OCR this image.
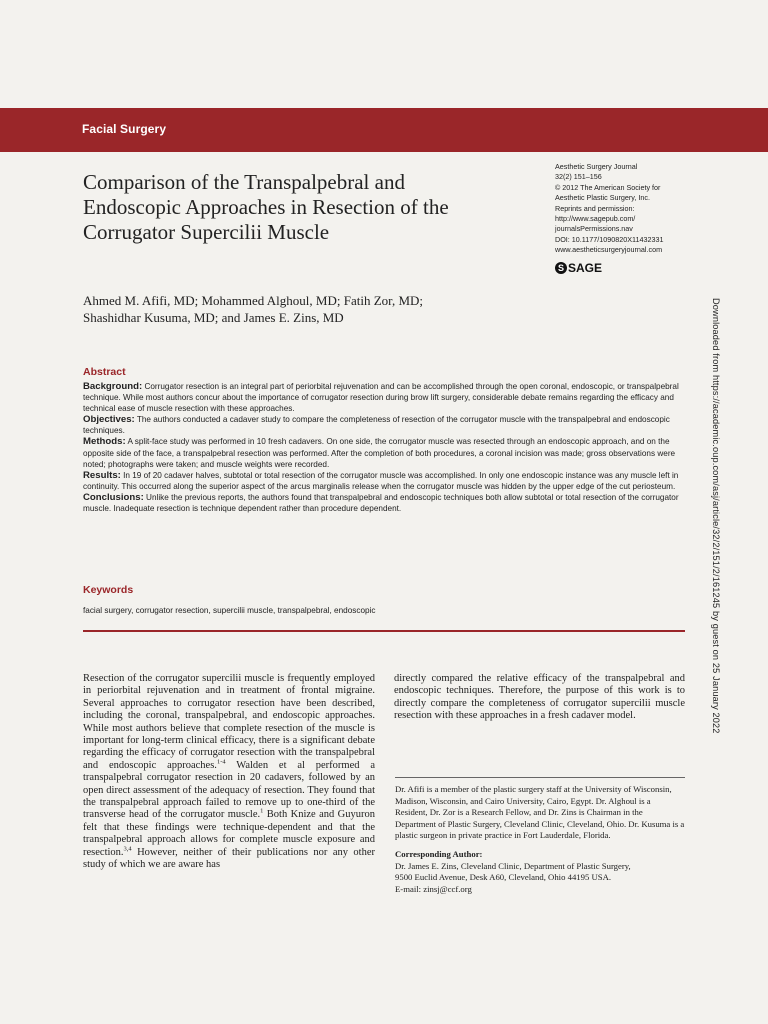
Facial Surgery
Comparison of the Transpalpebral and
Endoscopic Approaches in Resection of the
Corrugator Supercilii Muscle
Aesthetic Surgery Journal
32(2) 151–156
© 2012 The American Society for
Aesthetic Plastic Surgery, Inc.
Reprints and permission:
http://www.sagepub.com/
journalsPermissions.nav
DOI: 10.1177/1090820X11432331
www.aestheticsurgeryjournal.com
S SAGE
Ahmed M. Afifi, MD; Mohammed Alghoul, MD; Fatih Zor, MD;
Shashidhar Kusuma, MD; and James E. Zins, MD
Abstract

Background: Corrugator resection is an integral part of periorbital rejuvenation and can be accomplished through the open coronal, endoscopic, or transpalpebral technique. While most authors concur about the importance of corrugator resection during brow lift surgery, considerable debate remains regarding the efficacy and technical ease of muscle resection with these approaches.

Objectives: The authors conducted a cadaver study to compare the completeness of resection of the corrugator muscle with the transpalpebral and endoscopic techniques.

Methods: A split-face study was performed in 10 fresh cadavers. On one side, the corrugator muscle was resected through an endoscopic approach, and on the opposite side of the face, a transpalpebral resection was performed. After the completion of both procedures, a coronal incision was made; gross observations were noted; photographs were taken; and muscle weights were recorded.

Results: In 19 of 20 cadaver halves, subtotal or total resection of the corrugator muscle was accomplished. In only one endoscopic instance was any muscle left in continuity. This occurred along the superior aspect of the arcus marginalis release when the corrugator muscle was hidden by the upper edge of the cut periosteum.

Conclusions: Unlike the previous reports, the authors found that transpalpebral and endoscopic techniques both allow subtotal or total resection of the corrugator muscle. Inadequate resection is technique dependent rather than procedure dependent.

Keywords
facial surgery, corrugator resection, supercilii muscle, transpalpebral, endoscopic

Resection of the corrugator supercilii muscle is frequently employed in periorbital rejuvenation and in treatment of frontal migraine. Several approaches to corrugator resection have been described, including the coronal, transpalpebral, and endoscopic approaches. While most authors believe that complete resection of the muscle is important for long-term clinical efficacy, there is a significant debate regarding the efficacy of corrugator resection with the transpalpebral and endoscopic approaches.$^{1-4}$ Walden et al performed a transpalpebral corrugator resection in 20 cadavers, followed by an open direct assessment of the adequacy of resection. They found that the transpalpebral approach failed to remove up to one-third of the transverse head of the corrugator muscle.$^1$ Both Knize and Guyuron felt that these findings were technique-dependent and that the transpalpebral approach allows for complete muscle exposure and resection.$^{3,4}$ However, neither of their publications nor any other study of which we are aware has

directly compared the relative efficacy of the transpalpebral and endoscopic techniques. Therefore, the purpose of this work is to directly compare the completeness of corrugator supercilii muscle resection with these approaches in a fresh cadaver model.

Dr. Afifi is a member of the plastic surgery staff at the University of Wisconsin, Madison, Wisconsin, and Cairo University, Cairo, Egypt. Dr. Alghoul is a Resident, Dr. Zor is a Research Fellow, and Dr. Zins is Chairman in the Department of Plastic Surgery, Cleveland Clinic, Cleveland, Ohio. Dr. Kusuma is a plastic surgeon in private practice in Fort Lauderdale, Florida.

Corresponding Author:

Dr. James E. Zins, Cleveland Clinic, Department of Plastic Surgery,

9500 Euclid Avenue, Desk A60, Cleveland, Ohio 44195 USA.

E-mail: zinsj@ccf.org

Downloaded from https://academic.oup.com/asj/article/32/2/151/2/161245 by guest on 25 January 2022
